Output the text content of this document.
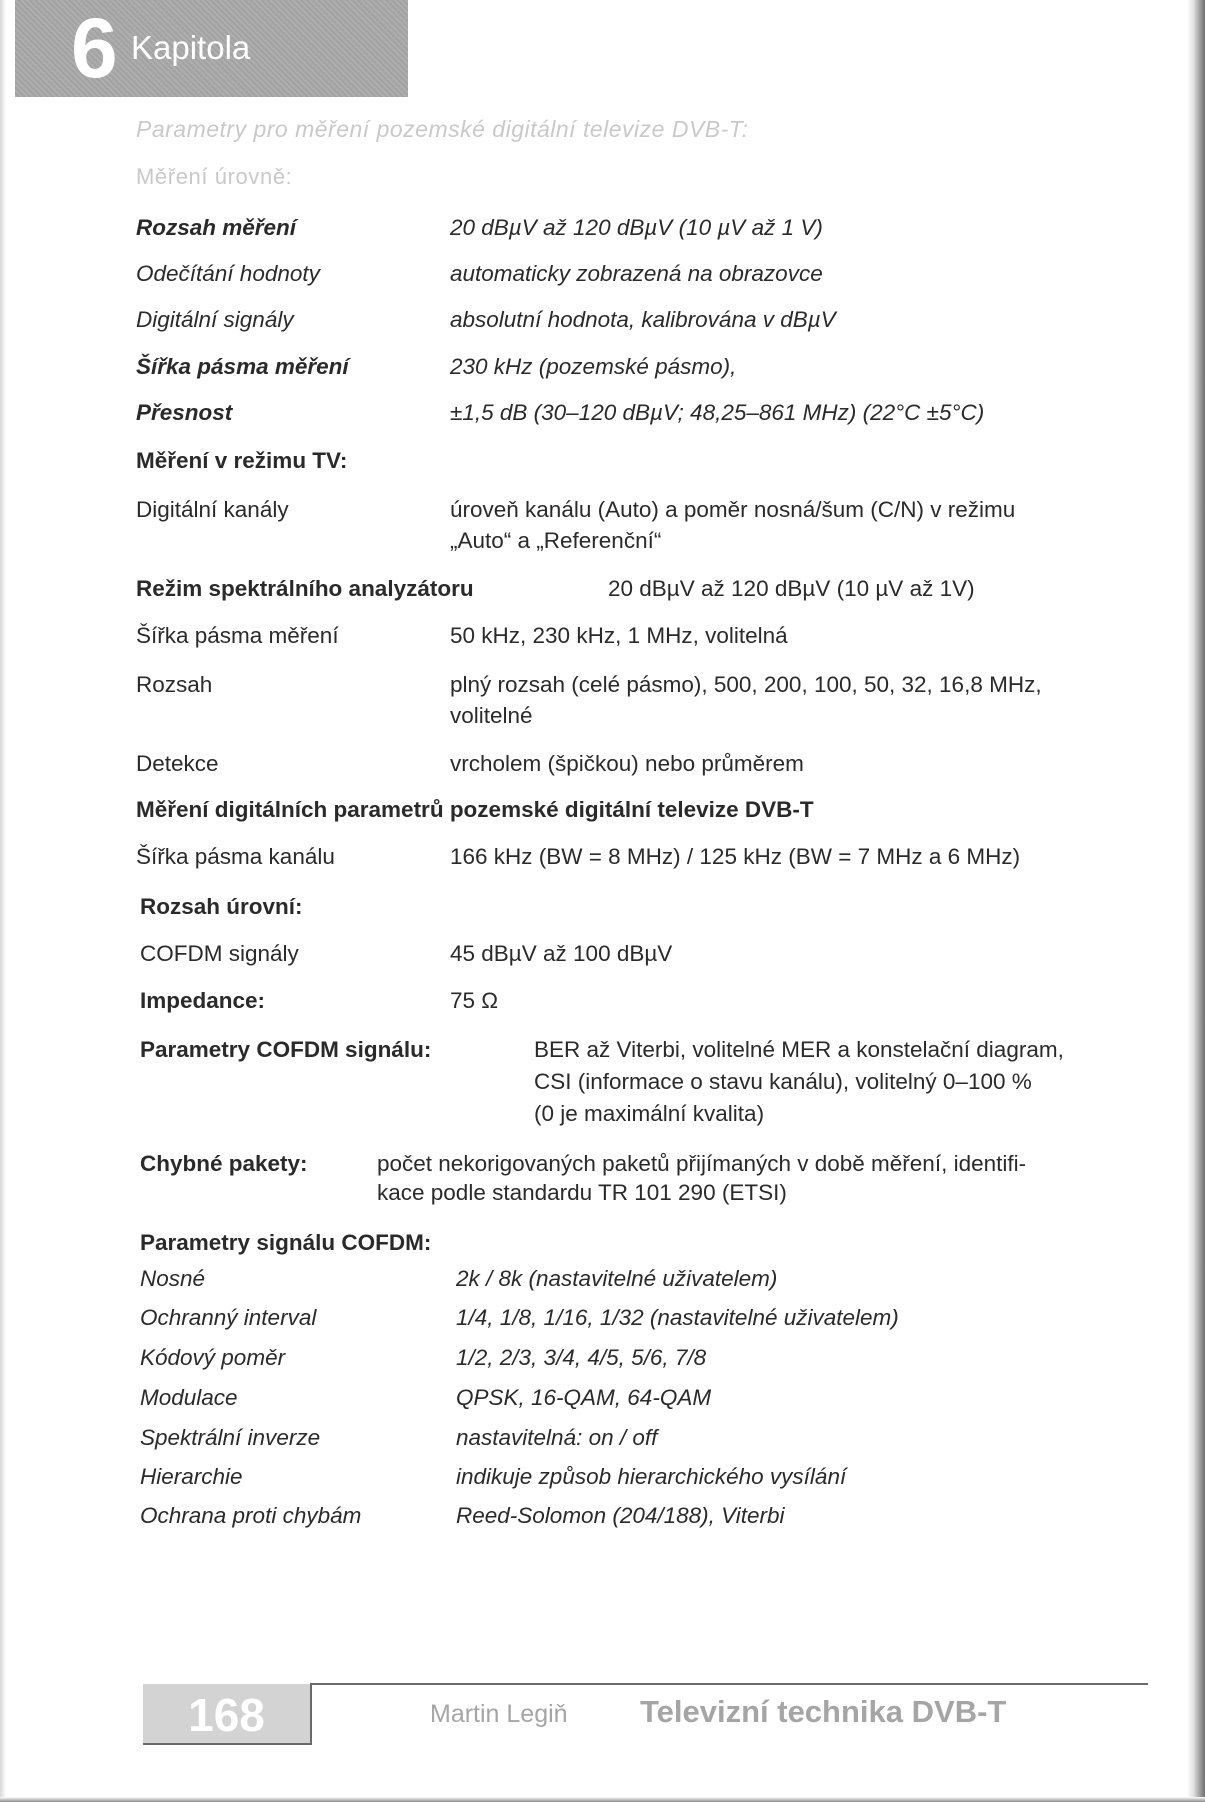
6 Kapitola
Parametry pro měření pozemské digitální televize DVB-T:
Měření úrovně:
Rozsah měření	20 dBµV až 120 dBµV (10 µV až 1 V)
Odečítání hodnoty	automaticky zobrazená na obrazovce
Digitální signály	absolutní hodnota, kalibrována v dBµV
Šířka pásma měření	230 kHz (pozemské pásmo),
Přesnost	±1,5 dB (30–120 dBµV; 48,25–861 MHz) (22°C ±5°C)
Měření v režimu TV:
Digitální kanály	úroveň kanálu (Auto) a poměr nosná/šum (C/N) v režimu
„Auto“ a „Referenční“
Režim spektrálního analyzátoru	20 dBµV až 120 dBµV (10 µV až 1V)
Šířka pásma měření	50 kHz, 230 kHz, 1 MHz, volitelná
Rozsah	plný rozsah (celé pásmo), 500, 200, 100, 50, 32, 16,8 MHz,
volitelné
Detekce	vrcholem (špičkou) nebo průměrem
Měření digitálních parametrů pozemské digitální televize DVB-T
Šířka pásma kanálu	166 kHz (BW = 8 MHz) / 125 kHz (BW = 7 MHz a 6 MHz)
Rozsah úrovní:
COFDM signály	45 dBµV až 100 dBµV
Impedance:	75 Ω
Parametry COFDM signálu:	BER až Viterbi, volitelné MER a konstelační diagram,
CSI (informace o stavu kanálu), volitelný 0–100 %
(0 je maximální kvalita)
Chybné pakety:	počet nekorigovaných paketů přijímaných v době měření, identifi-
kace podle standardu TR 101 290 (ETSI)
Parametry signálu COFDM:
Nosné	2k / 8k (nastavitelné uživatelem)
Ochranný interval	1/4, 1/8, 1/16, 1/32 (nastavitelné uživatelem)
Kódový poměr	1/2, 2/3, 3/4, 4/5, 5/6, 7/8
Modulace	QPSK, 16-QAM, 64-QAM
Spektrální inverze	nastavitelná: on / off
Hierarchie	indikuje způsob hierarchického vysílání
Ochrana proti chybám	Reed-Solomon (204/188), Viterbi
168	Martin Legiň Televizní technika DVB-T
